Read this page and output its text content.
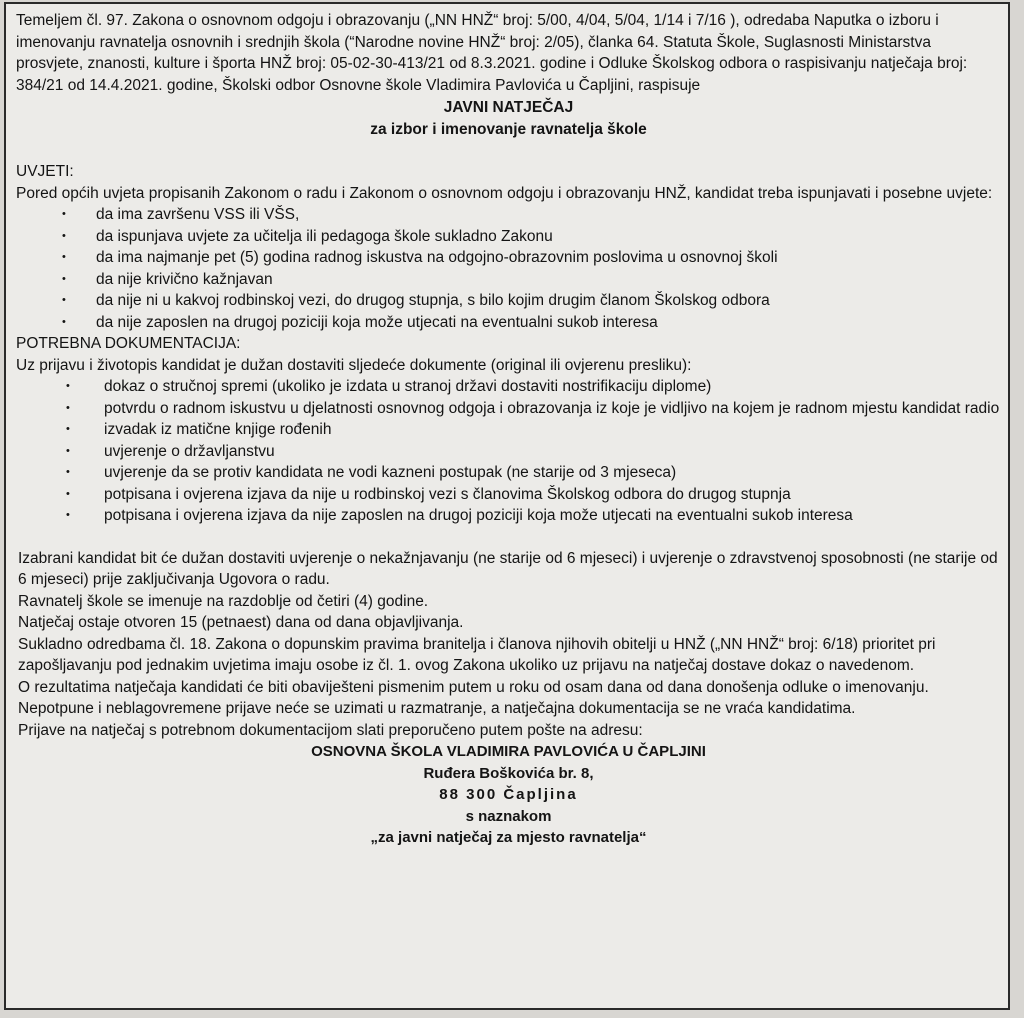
Temeljem čl. 97. Zakona o osnovnom odgoju i obrazovanju („NN HNŽ“ broj: 5/00, 4/04, 5/04, 1/14 i 7/16 ), odredaba Naputka o izboru i imenovanju ravnatelja osnovnih i srednjih škola (“Narodne novine HNŽ“ broj: 2/05), članka 64. Statuta Škole, Suglasnosti Ministarstva prosvjete, znanosti, kulture i športa HNŽ broj: 05-02-30-413/21 od 8.3.2021. godine i Odluke Školskog odbora o raspisivanju natječaja broj: 384/21 od 14.4.2021. godine, Školski odbor Osnovne škole Vladimira Pavlovića u Čapljini, raspisuje

JAVNI NATJEČAJ

za izbor i imenovanje ravnatelja škole

UVJETI:

Pored općih uvjeta propisanih Zakonom o radu i Zakonom o osnovnom odgoju i obrazovanju HNŽ, kandidat treba ispunjavati i posebne uvjete:

• da ima završenu VSS ili VŠS,
• da ispunjava uvjete za učitelja ili pedagoga škole sukladno Zakonu
• da ima najmanje pet (5) godina radnog iskustva na odgojno-obrazovnim poslovima u osnovnoj školi
• da nije krivično kažnjavan
• da nije ni u kakvoj rodbinskoj vezi, do drugog stupnja, s bilo kojim drugim članom Školskog odbora
• da nije zaposlen na drugoj poziciji koja može utjecati na eventualni sukob interesa

POTREBNA DOKUMENTACIJA:

Uz prijavu i životopis kandidat je dužan dostaviti sljedeće dokumente (original ili ovjerenu presliku):

• dokaz o stručnoj spremi (ukoliko je izdata u stranoj državi dostaviti nostrifikaciju diplome)
• potvrdu o radnom iskustvu u djelatnosti osnovnog odgoja i obrazovanja iz koje je vidljivo na kojem je radnom mjestu kandidat radio
• izvadak iz matične knjige rođenih
• uvjerenje o državljanstvu
• uvjerenje da se protiv kandidata ne vodi kazneni postupak (ne starije od 3 mjeseca)
• potpisana i ovjerena izjava da nije u rodbinskoj vezi s članovima Školskog odbora do drugog stupnja
• potpisana i ovjerena izjava da nije zaposlen na drugoj poziciji koja može utjecati na eventualni sukob interesa

Izabrani kandidat bit će dužan dostaviti uvjerenje o nekažnjavanju (ne starije od 6 mjeseci) i uvjerenje o zdravstvenoj sposobnosti (ne starije od 6 mjeseci) prije zaključivanja Ugovora o radu.

Ravnatelj škole se imenuje na razdoblje od četiri (4) godine.

Natječaj ostaje otvoren 15 (petnaest) dana od dana objavljivanja.

Sukladno odredbama čl. 18. Zakona o dopunskim pravima branitelja i članova njihovih obitelji u HNŽ („NN HNŽ“ broj: 6/18) prioritet pri zapošljavanju pod jednakim uvjetima imaju osobe iz čl. 1. ovog Zakona ukoliko uz prijavu na natječaj dostave dokaz o navedenom.

O rezultatima natječaja kandidati će biti obaviješteni pismenim putem u roku od osam dana od dana donošenja odluke o imenovanju.

Nepotpune i neblagovremene prijave neće se uzimati u razmatranje, a natječajna dokumentacija se ne vraća kandidatima.

Prijave na natječaj s potrebnom dokumentacijom slati preporučeno putem pošte na adresu:

OSNOVNA ŠKOLA VLADIMIRA PAVLOVIĆA U ČAPLJINI

Ruđera Boškovića br. 8,

88 300 Čapljina

s naznakom

„za javni natječaj za mjesto ravnatelja“
